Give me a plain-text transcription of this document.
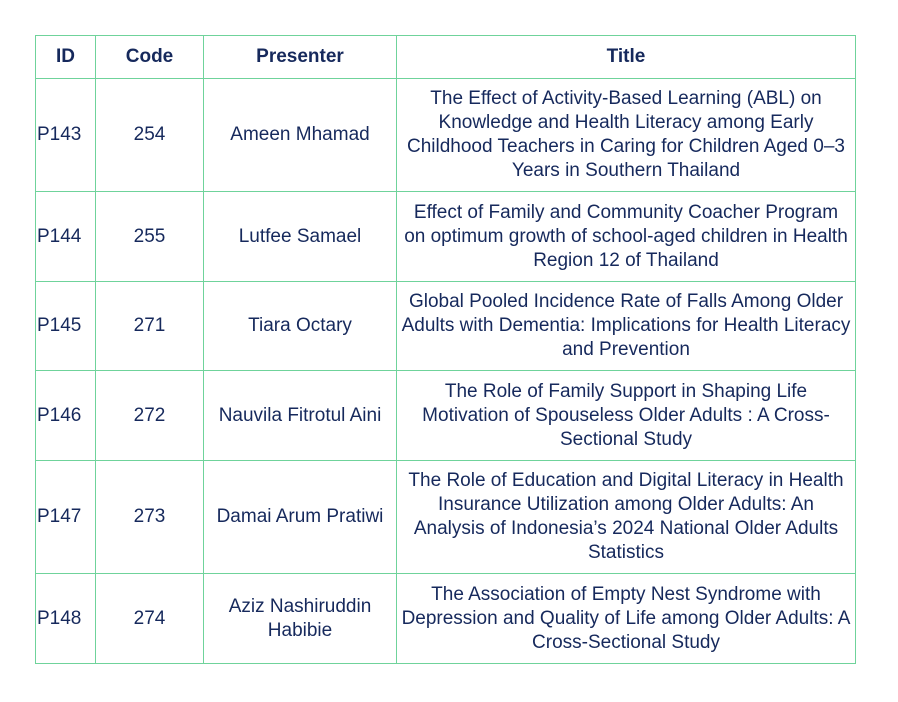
ID	Code	Presenter	Title
P143	254	Ameen Mhamad	The Effect of Activity-Based Learning (ABL) on Knowledge and Health Literacy among Early Childhood Teachers in Caring for Children Aged 0–3 Years in Southern Thailand
P144	255	Lutfee Samael	Effect of Family and Community Coacher Program on optimum growth of school-aged children in Health Region 12 of Thailand
P145	271	Tiara Octary	Global Pooled Incidence Rate of Falls Among Older Adults with Dementia: Implications for Health Literacy and Prevention
P146	272	Nauvila Fitrotul Aini	The Role of Family Support in Shaping Life Motivation of Spouseless Older Adults : A Cross-Sectional Study
P147	273	Damai Arum Pratiwi	The Role of Education and Digital Literacy in Health Insurance Utilization among Older Adults: An Analysis of Indonesia’s 2024 National Older Adults Statistics
P148	274	Aziz Nashiruddin Habibie	The Association of Empty Nest Syndrome with Depression and Quality of Life among Older Adults: A Cross-Sectional Study
